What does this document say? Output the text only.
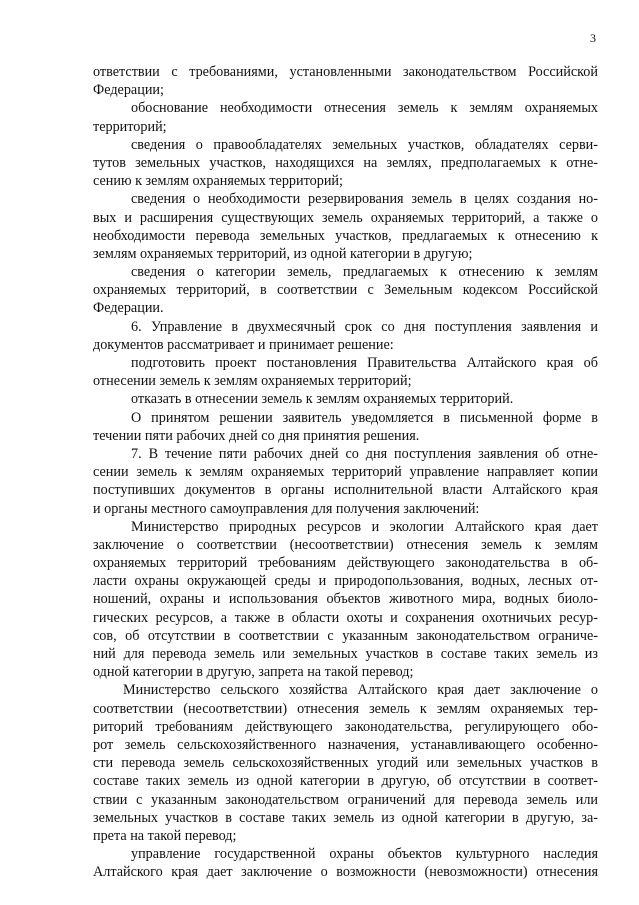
3
ответствии с требованиями, установленными законодательством Российской
Федерации;
обоснование необходимости отнесения земель к землям охраняемых
территорий;
сведения о правообладателях земельных участков, обладателях серви-
тутов земельных участков, находящихся на землях, предполагаемых к отне-
сению к землям охраняемых территорий;
сведения о необходимости резервирования земель в целях создания но-
вых и расширения существующих земель охраняемых территорий, а также о
необходимости перевода земельных участков, предлагаемых к отнесению к
землям охраняемых территорий, из одной категории в другую;
сведения о категории земель, предлагаемых к отнесению к землям
охраняемых территорий, в соответствии с Земельным кодексом Российской
Федерации.
6. Управление в двухмесячный срок со дня поступления заявления и
документов рассматривает и принимает решение:
подготовить проект постановления Правительства Алтайского края об
отнесении земель к землям охраняемых территорий;
отказать в отнесении земель к землям охраняемых территорий.
О принятом решении заявитель уведомляется в письменной форме в
течении пяти рабочих дней со дня принятия решения.
7. В течение пяти рабочих дней со дня поступления заявления об отне-
сении земель к землям охраняемых территорий управление направляет копии
поступивших документов в органы исполнительной власти Алтайского края
и органы местного самоуправления для получения заключений:
Министерство природных ресурсов и экологии Алтайского края дает
заключение о соответствии (несоответствии) отнесения земель к землям
охраняемых территорий требованиям действующего законодательства в об-
ласти охраны окружающей среды и природопользования, водных, лесных от-
ношений, охраны и использования объектов животного мира, водных биоло-
гических ресурсов, а также в области охоты и сохранения охотничьих ресур-
сов, об отсутствии в соответствии с указанным законодательством ограниче-
ний для перевода земель или земельных участков в составе таких земель из
одной категории в другую, запрета на такой перевод;
Министерство сельского хозяйства Алтайского края дает заключение о
соответствии (несоответствии) отнесения земель к землям охраняемых тер-
риторий требованиям действующего законодательства, регулирующего обо-
рот земель сельскохозяйственного назначения, устанавливающего особенно-
сти перевода земель сельскохозяйственных угодий или земельных участков в
составе таких земель из одной категории в другую, об отсутствии в соответ-
ствии с указанным законодательством ограничений для перевода земель или
земельных участков в составе таких земель из одной категории в другую, за-
прета на такой перевод;
управление государственной охраны объектов культурного наследия
Алтайского края дает заключение о возможности (невозможности) отнесения
